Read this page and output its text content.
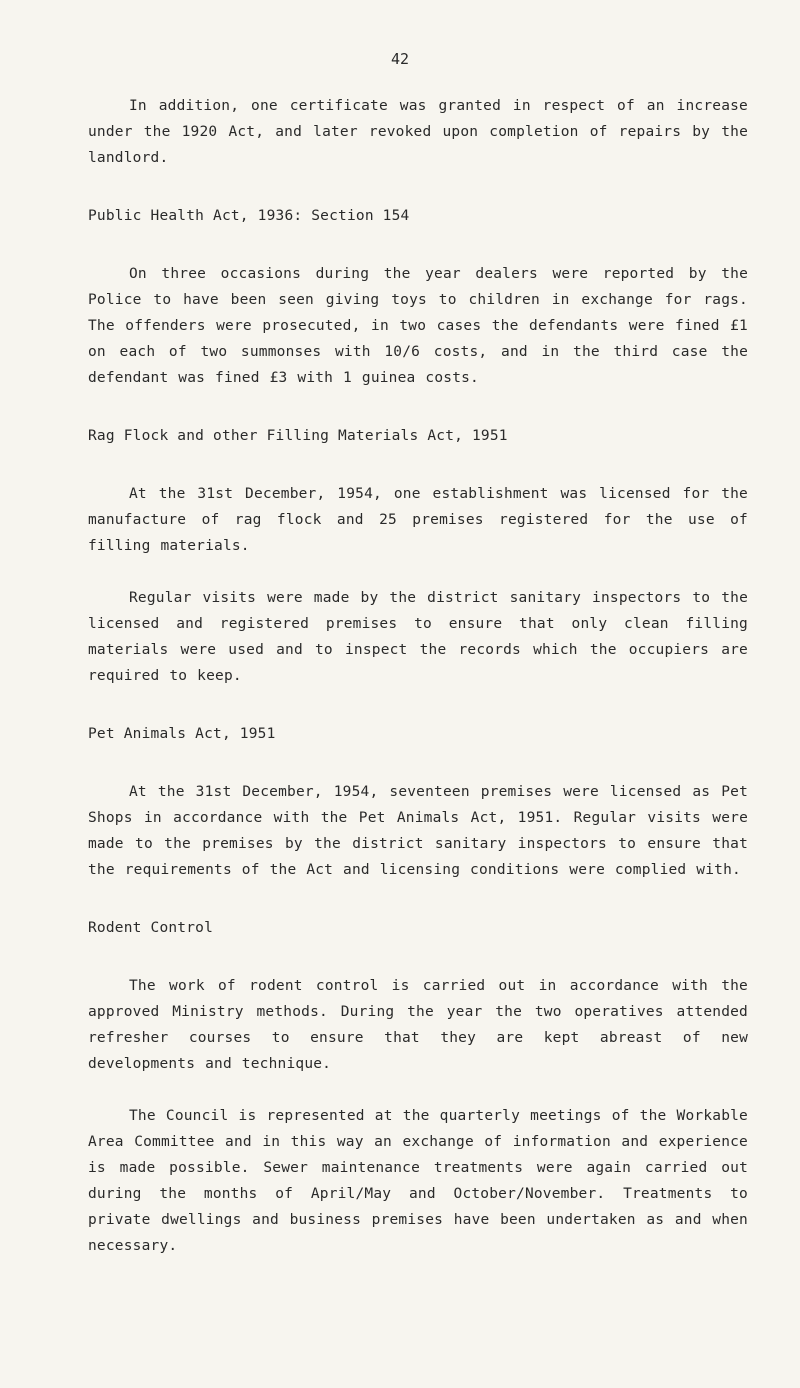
42

In addition, one certificate was granted in respect of an increase under the 1920 Act, and later revoked upon completion of repairs by the landlord.

Public Health Act, 1936: Section 154

On three occasions during the year dealers were reported by the Police to have been seen giving toys to children in exchange for rags. The offenders were prosecuted, in two cases the defendants were fined £1 on each of two summonses with 10/6 costs, and in the third case the defendant was fined £3 with 1 guinea costs.

Rag Flock and other Filling Materials Act, 1951

At the 31st December, 1954, one establishment was licensed for the manufacture of rag flock and 25 premises registered for the use of filling materials.

Regular visits were made by the district sanitary inspectors to the licensed and registered premises to ensure that only clean filling materials were used and to inspect the records which the occupiers are required to keep.

Pet Animals Act, 1951

At the 31st December, 1954, seventeen premises were licensed as Pet Shops in accordance with the Pet Animals Act, 1951. Regular visits were made to the premises by the district sanitary inspectors to ensure that the requirements of the Act and licensing conditions were complied with.

Rodent Control

The work of rodent control is carried out in accordance with the approved Ministry methods. During the year the two operatives attended refresher courses to ensure that they are kept abreast of new developments and technique.

The Council is represented at the quarterly meetings of the Workable Area Committee and in this way an exchange of information and experience is made possible. Sewer maintenance treatments were again carried out during the months of April/May and October/November. Treatments to private dwellings and business premises have been undertaken as and when necessary.
